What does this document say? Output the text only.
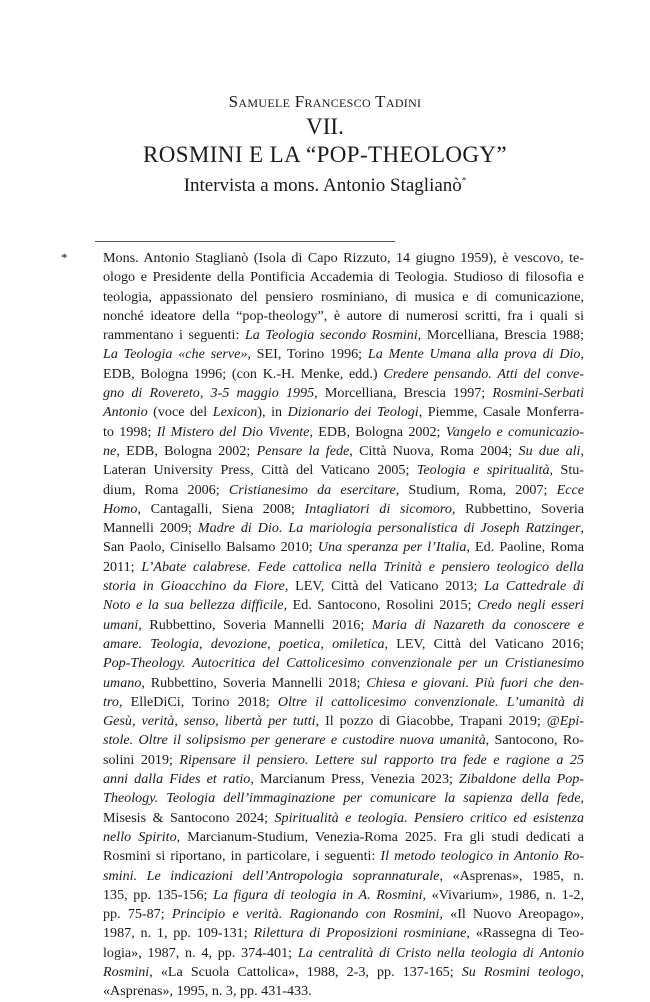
Samuele Francesco Tadini
VII.
ROSMINI E LA “POP-THEOLOGY”
Intervista a mons. Antonio Staglianò*
*	Mons. Antonio Staglianò (Isola di Capo Rizzuto, 14 giugno 1959), è vescovo, te-
ologo e Presidente della Pontificia Accademia di Teologia. Studioso di filosofia e
teologia, appassionato del pensiero rosminiano, di musica e di comunicazione,
nonché ideatore della “pop-theology”, è autore di numerosi scritti, fra i quali si
rammentano i seguenti: La Teologia secondo Rosmini, Morcelliana, Brescia 1988;
La Teologia «che serve», SEI, Torino 1996; La Mente Umana alla prova di Dio,
EDB, Bologna 1996; (con K.-H. Menke, edd.) Credere pensando. Atti del conve-
gno di Rovereto, 3-5 maggio 1995, Morcelliana, Brescia 1997; Rosmini-Serbati
Antonio (voce del Lexicon), in Dizionario dei Teologi, Piemme, Casale Monferra-
to 1998; Il Mistero del Dio Vivente, EDB, Bologna 2002; Vangelo e comunicazio-
ne, EDB, Bologna 2002; Pensare la fede, Città Nuova, Roma 2004; Su due ali,
Lateran University Press, Città del Vaticano 2005; Teologia e spiritualità, Stu-
dium, Roma 2006; Cristianesimo da esercitare, Studium, Roma, 2007; Ecce
Homo, Cantagalli, Siena 2008; Intagliatori di sicomoro, Rubbettino, Soveria
Mannelli 2009; Madre di Dio. La mariologia personalistica di Joseph Ratzinger,
San Paolo, Cinisello Balsamo 2010; Una speranza per l’Italia, Ed. Paoline, Roma
2011; L’Abate calabrese. Fede cattolica nella Trinità e pensiero teologico della
storia in Gioacchino da Fiore, LEV, Città del Vaticano 2013; La Cattedrale di
Noto e la sua bellezza difficile, Ed. Santocono, Rosolini 2015; Credo negli esseri
umani, Rubbettino, Soveria Mannelli 2016; Maria di Nazareth da conoscere e
amare. Teologia, devozione, poetica, omiletica, LEV, Città del Vaticano 2016;
Pop-Theology. Autocritica del Cattolicesimo convenzionale per un Cristianesimo
umano, Rubbettino, Soveria Mannelli 2018; Chiesa e giovani. Più fuori che den-
tro, ElleDiCi, Torino 2018; Oltre il cattolicesimo convenzionale. L’umanità di
Gesù, verità, senso, libertà per tutti, Il pozzo di Giacobbe, Trapani 2019; @Epi-
stole. Oltre il solipsismo per generare e custodire nuova umanità, Santocono, Ro-
solini 2019; Ripensare il pensiero. Lettere sul rapporto tra fede e ragione a 25
anni dalla Fides et ratio, Marcianum Press, Venezia 2023; Zibaldone della Pop-
Theology. Teologia dell’immaginazione per comunicare la sapienza della fede,
Misesis & Santocono 2024; Spiritualità e teologia. Pensiero critico ed esistenza
nello Spirito, Marcianum-Studium, Venezia-Roma 2025. Fra gli studi dedicati a
Rosmini si riportano, in particolare, i seguenti: Il metodo teologico in Antonio Ro-
smini. Le indicazioni dell’Antropologia soprannaturale, «Asprenas», 1985, n.
135, pp. 135-156; La figura di teologia in A. Rosmini, «Vivarium», 1986, n. 1-2,
pp. 75-87; Principio e verità. Ragionando con Rosmini, «Il Nuovo Areopago»,
1987, n. 1, pp. 109-131; Rilettura di Proposizioni rosminiane, «Rassegna di Teo-
logia», 1987, n. 4, pp. 374-401; La centralità di Cristo nella teologia di Antonio
Rosmini, «La Scuola Cattolica», 1988, 2-3, pp. 137-165; Su Rosmini teologo,
«Asprenas», 1995, n. 3, pp. 431-433.
